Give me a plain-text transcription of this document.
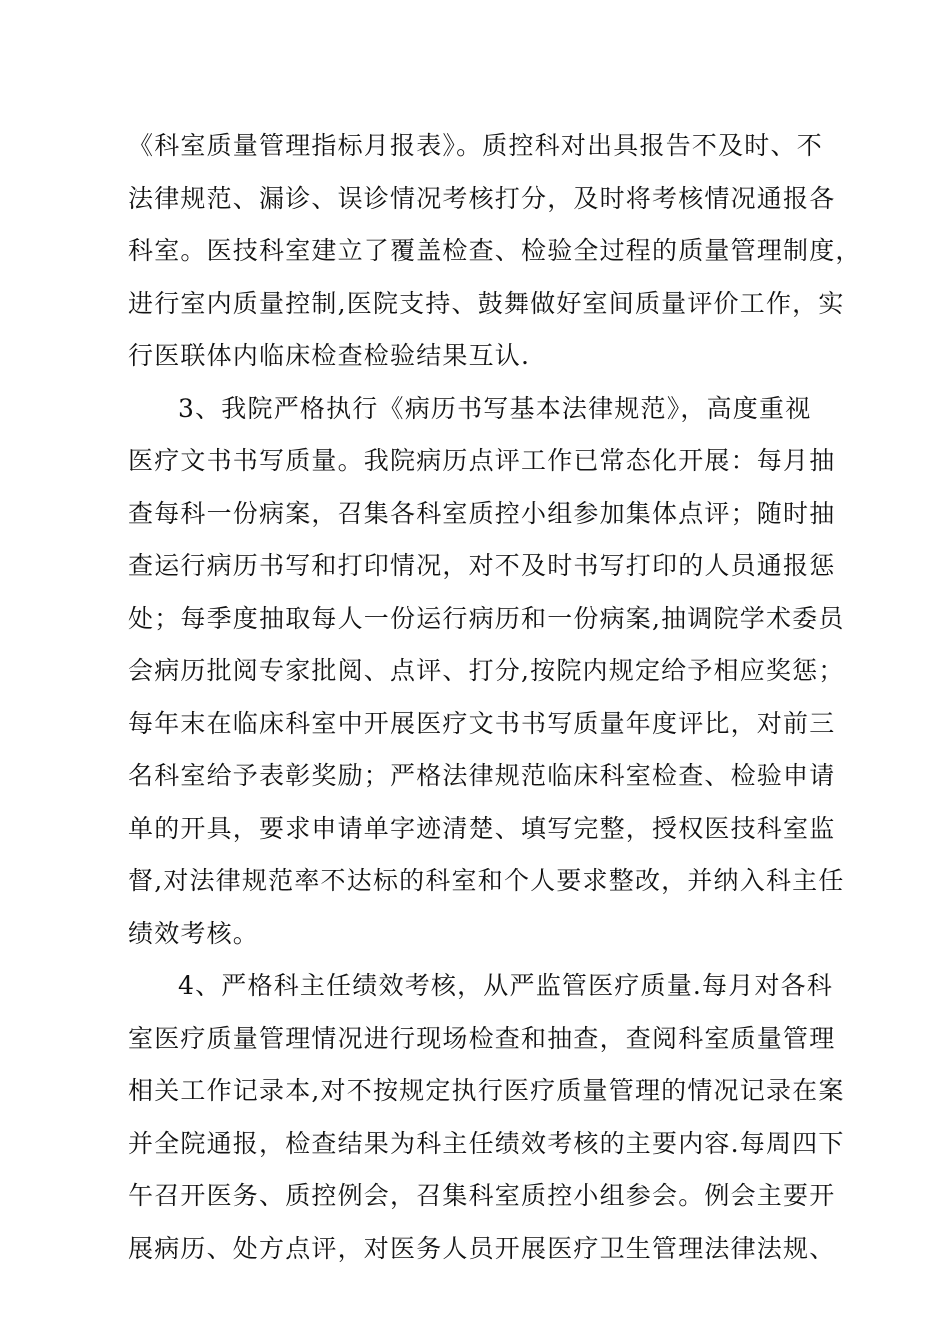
《科室质量管理指标月报表》。质控科对出具报告不及时、不
法律规范、漏诊、误诊情况考核打分，及时将考核情况通报各
科室。医技科室建立了覆盖检查、检验全过程的质量管理制度，
进行室内质量控制,医院支持、鼓舞做好室间质量评价工作，实
行医联体内临床检查检验结果互认.
3、我院严格执行《病历书写基本法律规范》，高度重视
医疗文书书写质量。我院病历点评工作已常态化开展：每月抽
查每科一份病案，召集各科室质控小组参加集体点评；随时抽
查运行病历书写和打印情况，对不及时书写打印的人员通报惩
处；每季度抽取每人一份运行病历和一份病案,抽调院学术委员
会病历批阅专家批阅、点评、打分,按院内规定给予相应奖惩；
每年末在临床科室中开展医疗文书书写质量年度评比，对前三
名科室给予表彰奖励；严格法律规范临床科室检查、检验申请
单的开具，要求申请单字迹清楚、填写完整，授权医技科室监
督,对法律规范率不达标的科室和个人要求整改，并纳入科主任
绩效考核。
4、严格科主任绩效考核，从严监管医疗质量.每月对各科
室医疗质量管理情况进行现场检查和抽查，查阅科室质量管理
相关工作记录本,对不按规定执行医疗质量管理的情况记录在案
并全院通报，检查结果为科主任绩效考核的主要内容.每周四下
午召开医务、质控例会，召集科室质控小组参会。例会主要开
展病历、处方点评，对医务人员开展医疗卫生管理法律法规、
